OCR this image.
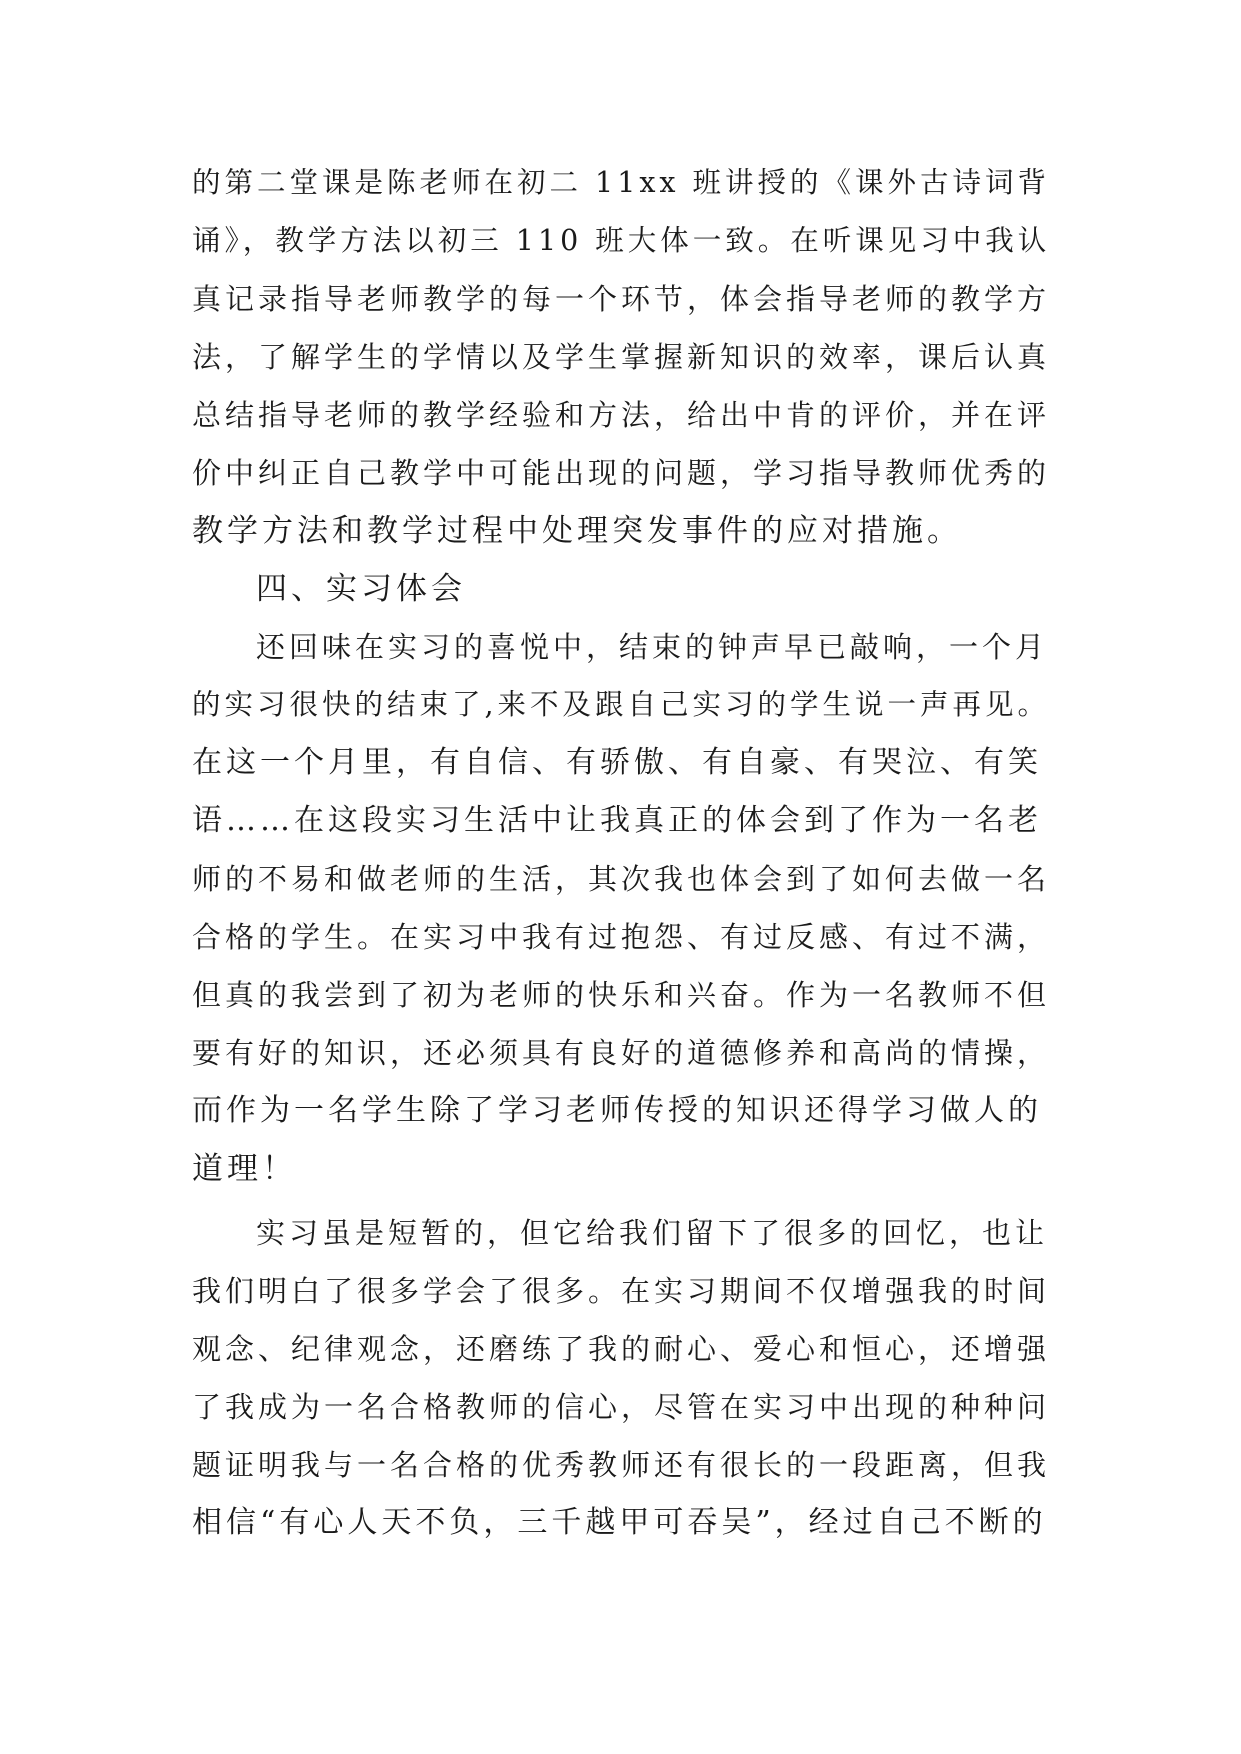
的第二堂课是陈老师在初二 11xx 班讲授的《课外古诗词背
诵》，教学方法以初三 110 班大体一致。在听课见习中我认
真记录指导老师教学的每一个环节，体会指导老师的教学方
法，了解学生的学情以及学生掌握新知识的效率，课后认真
总结指导老师的教学经验和方法，给出中肯的评价，并在评
价中纠正自己教学中可能出现的问题，学习指导教师优秀的
教学方法和教学过程中处理突发事件的应对措施。
四、实习体会
还回味在实习的喜悦中，结束的钟声早已敲响，一个月
的实习很快的结束了,来不及跟自己实习的学生说一声再见。
在这一个月里，有自信、有骄傲、有自豪、有哭泣、有笑
语……在这段实习生活中让我真正的体会到了作为一名老
师的不易和做老师的生活，其次我也体会到了如何去做一名
合格的学生。在实习中我有过抱怨、有过反感、有过不满，
但真的我尝到了初为老师的快乐和兴奋。作为一名教师不但
要有好的知识，还必须具有良好的道德修养和高尚的情操，
而作为一名学生除了学习老师传授的知识还得学习做人的
道理！
实习虽是短暂的，但它给我们留下了很多的回忆，也让
我们明白了很多学会了很多。在实习期间不仅增强我的时间
观念、纪律观念，还磨练了我的耐心、爱心和恒心，还增强
了我成为一名合格教师的信心，尽管在实习中出现的种种问
题证明我与一名合格的优秀教师还有很长的一段距离，但我
相信“有心人天不负，三千越甲可吞吴”，经过自己不断的
